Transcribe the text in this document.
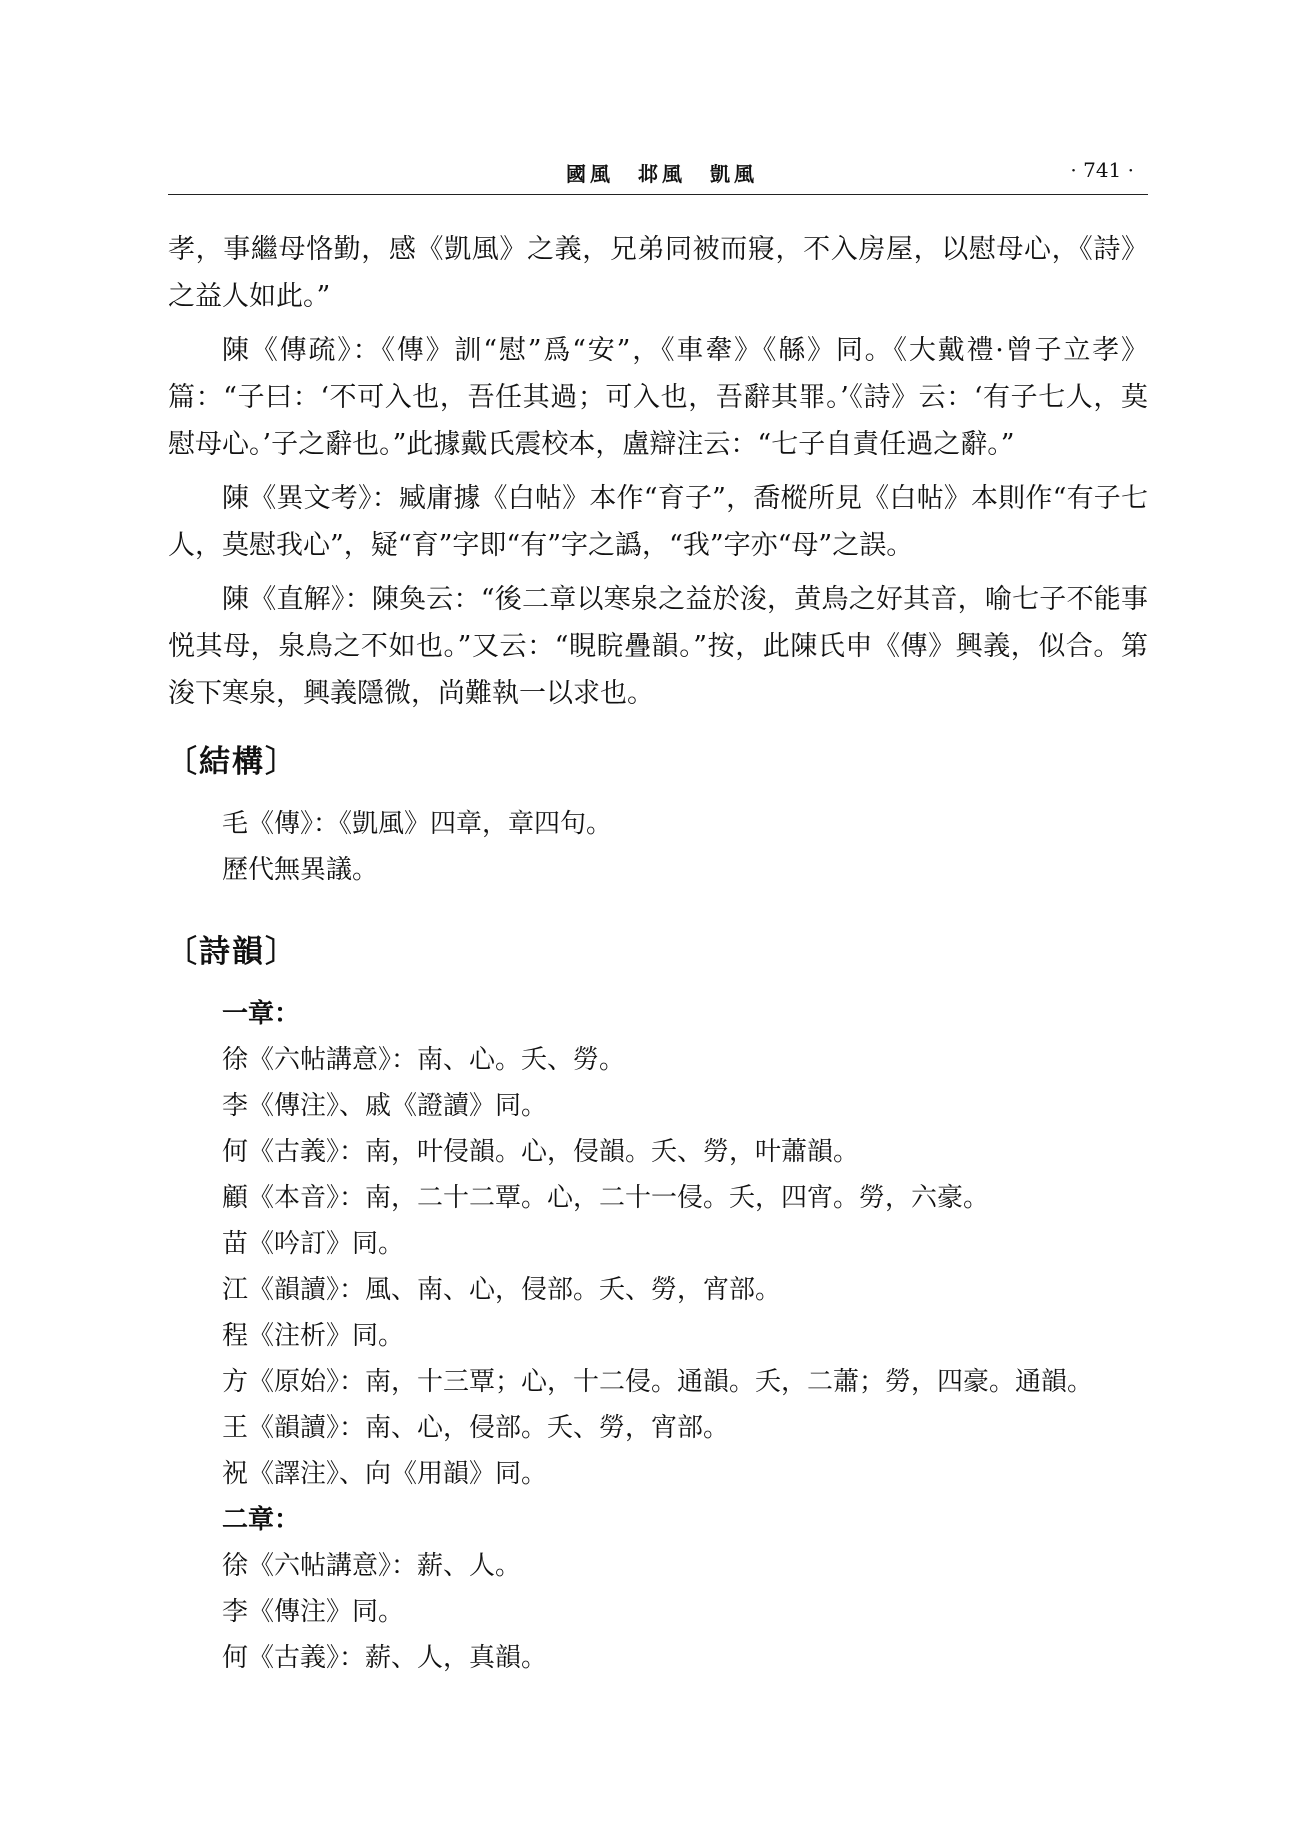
國風　邶風　凱風	· 741 ·

孝，事繼母恪勤，感《凱風》之義，兄弟同被而寢，不入房屋，以慰母心，《詩》之益人如此。”

陳《傳疏》：《傳》訓“慰”爲“安”，《車舝》《緜》同。《大戴禮·曾子立孝》篇：“子曰：‘不可入也，吾任其過；可入也，吾辭其罪。’《詩》云：‘有子七人，莫慰母心。’子之辭也。”此據戴氏震校本，盧辯注云：“七子自責任過之辭。”

陳《異文考》：臧庸據《白帖》本作“育子”，喬樅所見《白帖》本則作“有子七人，莫慰我心”，疑“育”字即“有”字之譌，“我”字亦“母”之誤。

陳《直解》：陳奐云：“後二章以寒泉之益於浚，黄鳥之好其音，喻七子不能事悦其母，泉鳥之不如也。”又云：“睍睆疊韻。”按，此陳氏申《傳》興義，似合。第浚下寒泉，興義隱微，尚難執一以求也。

〔結構〕
毛《傳》：《凱風》四章，章四句。
歷代無異議。
〔詩韻〕
一章：
徐《六帖講意》：南、心。夭、勞。
李《傳注》、戚《證讀》同。
何《古義》：南，叶侵韻。心，侵韻。夭、勞，叶蕭韻。
顧《本音》：南，二十二覃。心，二十一侵。夭，四宵。勞，六豪。
苗《吟訂》同。
江《韻讀》：風、南、心，侵部。夭、勞，宵部。
程《注析》同。
方《原始》：南，十三覃；心，十二侵。通韻。夭，二蕭；勞，四豪。通韻。
王《韻讀》：南、心，侵部。夭、勞，宵部。
祝《譯注》、向《用韻》同。
二章：
徐《六帖講意》：薪、人。
李《傳注》同。
何《古義》：薪、人，真韻。
